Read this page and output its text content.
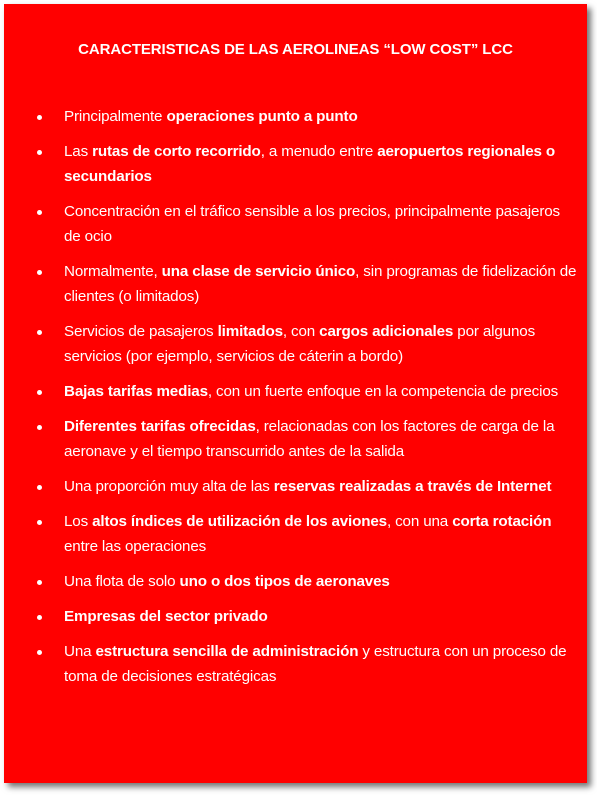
CARACTERISTICAS DE LAS AEROLINEAS “LOW COST” LCC
Principalmente operaciones punto a punto
Las rutas de corto recorrido, a menudo entre aeropuertos regionales o secundarios
Concentración en el tráfico sensible a los precios, principalmente pasajeros de ocio
Normalmente, una clase de servicio único, sin programas de fidelización de clientes (o limitados)
Servicios de pasajeros limitados, con cargos adicionales por algunos servicios (por ejemplo, servicios de cáterin a bordo)
Bajas tarifas medias, con un fuerte enfoque en la competencia de precios
Diferentes tarifas ofrecidas, relacionadas con los factores de carga de la aeronave y el tiempo transcurrido antes de la salida
Una proporción muy alta de las reservas realizadas a través de Internet
Los altos índices de utilización de los aviones, con una corta rotación entre las operaciones
Una flota de solo uno o dos tipos de aeronaves
Empresas del sector privado
Una estructura sencilla de administración y estructura con un proceso de toma de decisiones estratégicas
